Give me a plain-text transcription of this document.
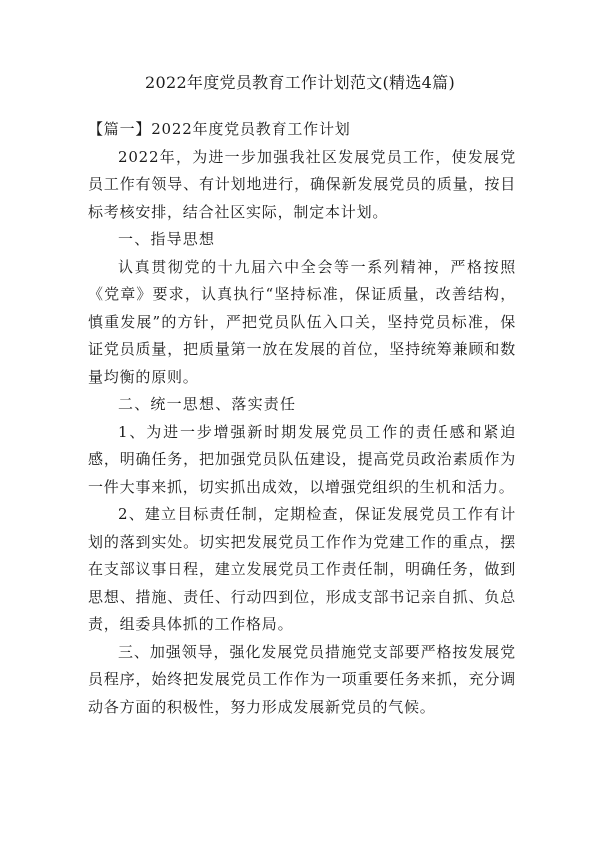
2022年度党员教育工作计划范文(精选4篇)

【篇一】2022年度党员教育工作计划

2022年，为进一步加强我社区发展党员工作，使发展党员工作有领导、有计划地进行，确保新发展党员的质量，按目标考核安排，结合社区实际，制定本计划。

一、指导思想

认真贯彻党的十九届六中全会等一系列精神，严格按照《党章》要求，认真执行“坚持标准，保证质量，改善结构，慎重发展”的方针，严把党员队伍入口关，坚持党员标准，保证党员质量，把质量第一放在发展的首位，坚持统筹兼顾和数量均衡的原则。

二、统一思想、落实责任

1、为进一步增强新时期发展党员工作的责任感和紧迫感，明确任务，把加强党员队伍建设，提高党员政治素质作为一件大事来抓，切实抓出成效，以增强党组织的生机和活力。

2、建立目标责任制，定期检查，保证发展党员工作有计划的落到实处。切实把发展党员工作作为党建工作的重点，摆在支部议事日程，建立发展党员工作责任制，明确任务，做到思想、措施、责任、行动四到位，形成支部书记亲自抓、负总责，组委具体抓的工作格局。

三、加强领导，强化发展党员措施党支部要严格按发展党员程序，始终把发展党员工作作为一项重要任务来抓，充分调动各方面的积极性，努力形成发展新党员的气候。
